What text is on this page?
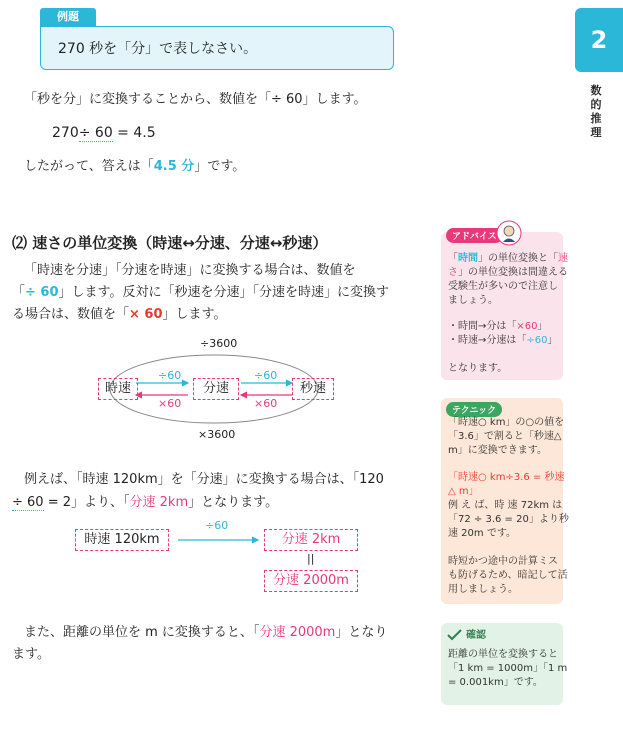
例題
270 秒を「分」で表しなさい。	2
数的推理
「秒を分」に変換することから、数値を「÷ 60」します。
270÷ 60 = 4.5
したがって、答えは「4.5 分」です。
⑵ 速さの単位変換（時速↔分速、分速↔秒速）
「時速を分速」「分速を時速」に変換する場合は、数値を
「÷ 60」します。反対に「秒速を分速」「分速を時速」に変換す
る場合は、数値を「× 60」します。
÷3600
×3600
時速	分速	秒速
÷60
×60
÷60
×60
例えば、「時速 120km」を「分速」に変換する場合は、「120
÷ 60 = 2」より、「分速 2km」となります。
時速 120km
÷60
分速 2km
||
分速 2000m
また、距離の単位を m に変換すると、「分速 2000m」となり
ます。
アドバイス
「時間」の単位変換と「速
さ」の単位変換は間違える
受験生が多いので注意し
ましょう。
・時間→分は「×60」
・時速→分速は「÷60」
となります。
テクニック
「時速○ km」の○の値を
「3.6」で割ると「秒速△
m」に変換できます。
「時速○ km÷3.6 = 秒速
△ m」
例 え ば、時 速 72km は
「72 ÷ 3.6 = 20」より秒
速 20m です。
時短かつ途中の計算ミス
も防げるため、暗記して活
用しましょう。
確認
距離の単位を変換すると
「1 km = 1000m」「1 m
= 0.001km」です。
